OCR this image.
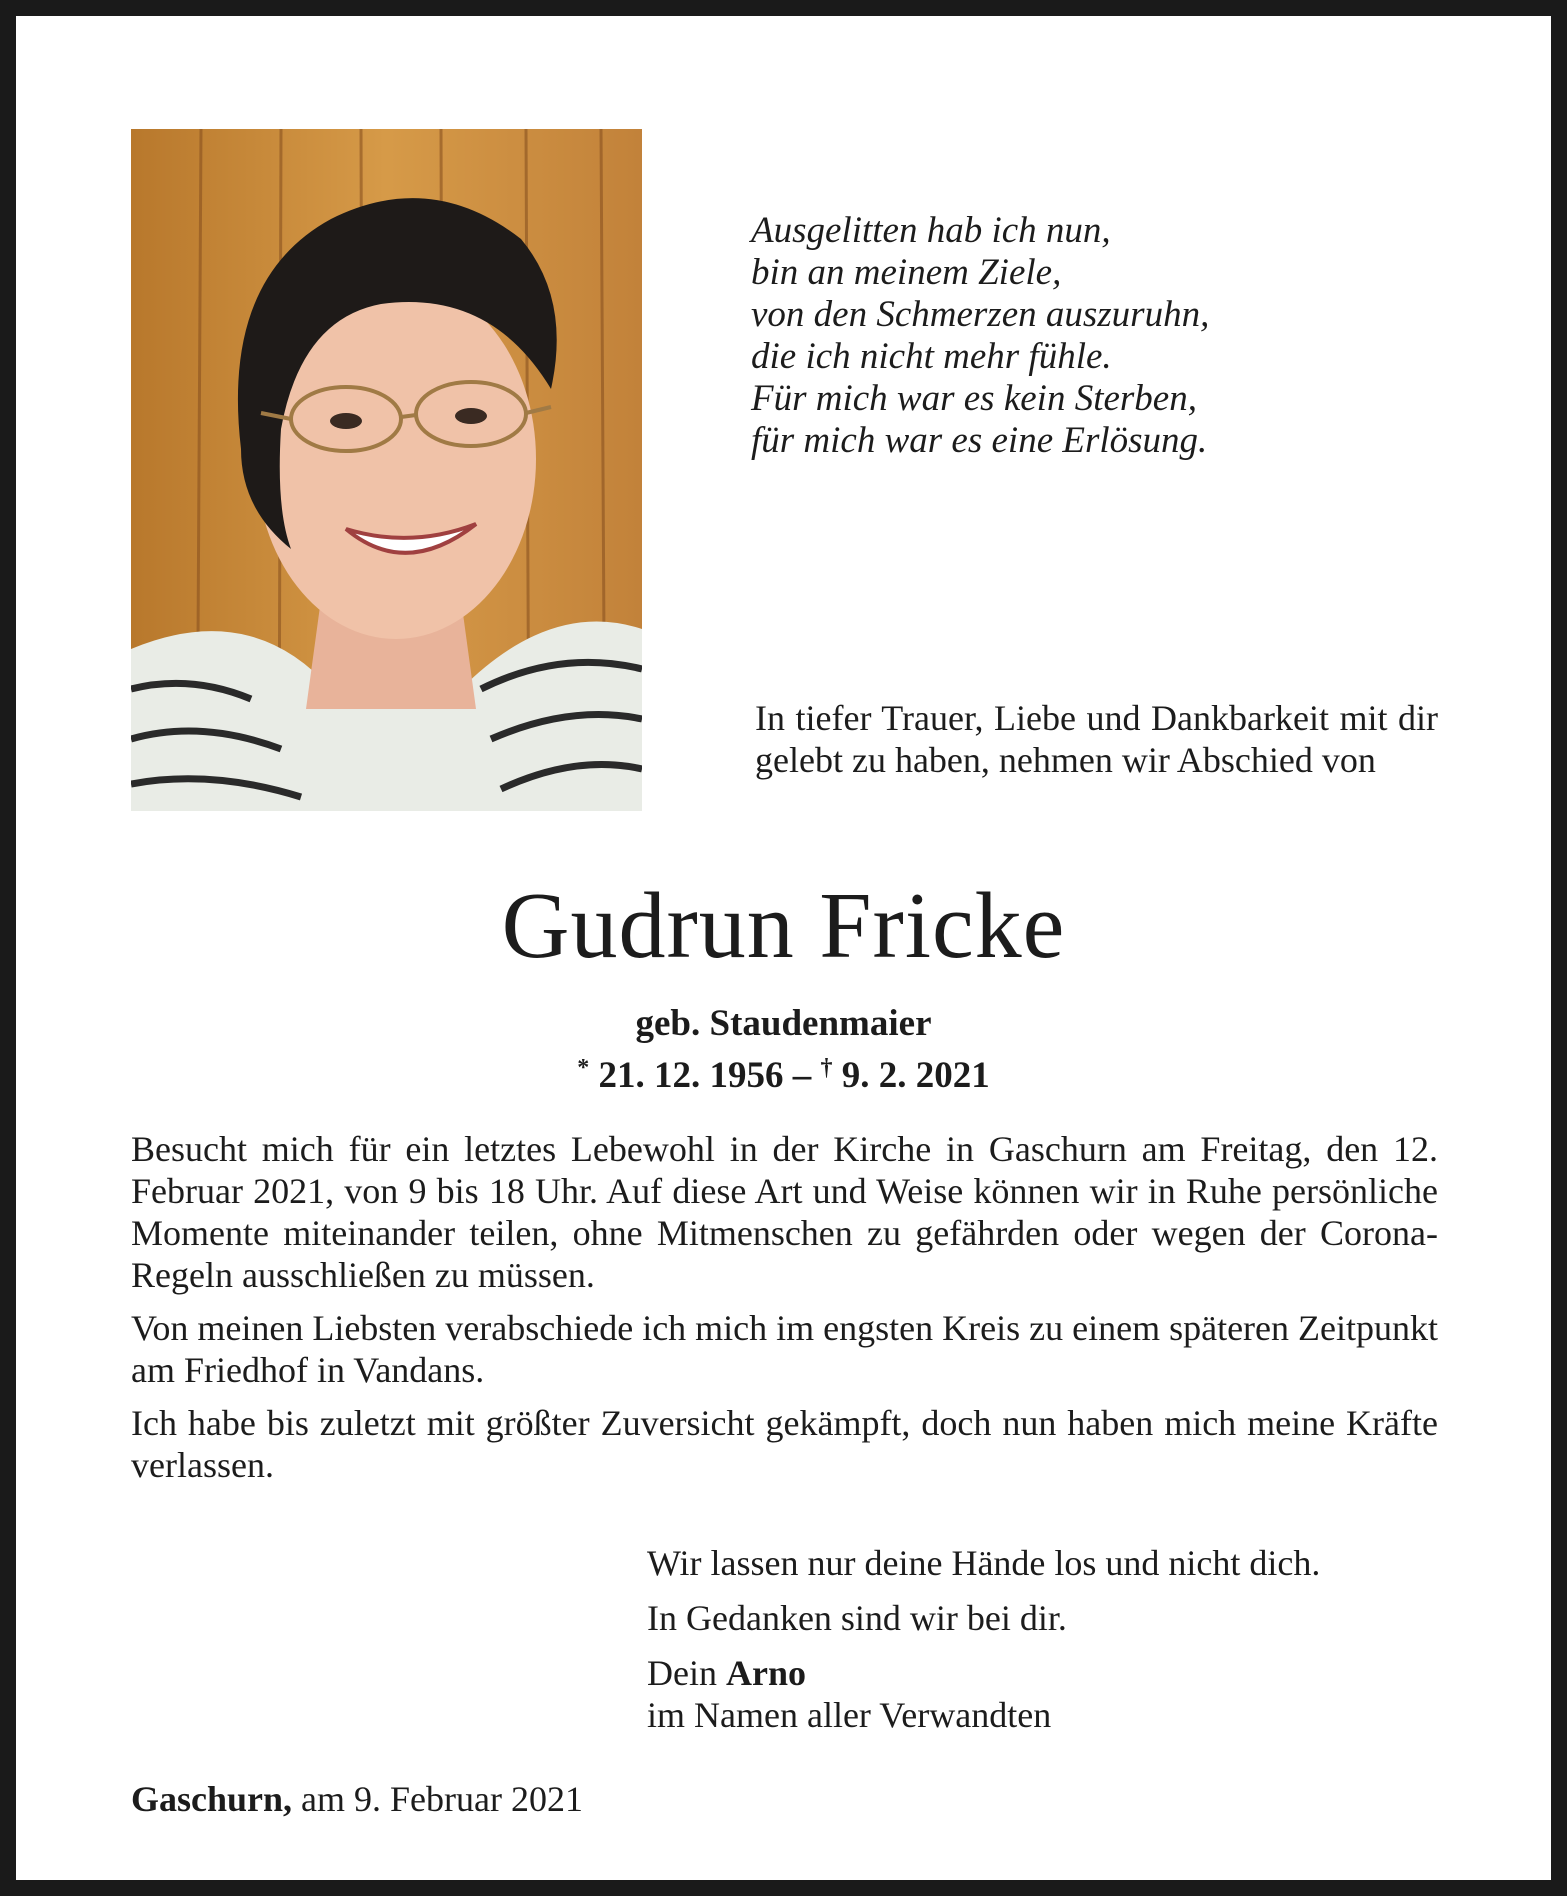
Ausgelitten hab ich nun,
bin an meinem Ziele,
von den Schmerzen auszuruhn,
die ich nicht mehr fühle.
Für mich war es kein Sterben,
für mich war es eine Erlösung.

In tiefer Trauer, Liebe und Dankbarkeit mit dir gelebt zu haben, nehmen wir Abschied von

Gudrun Fricke

geb. Staudenmaier

* 21. 12. 1956 – † 9. 2. 2021

Besucht mich für ein letztes Lebewohl in der Kirche in Gaschurn am Freitag, den 12. Februar 2021, von 9 bis 18 Uhr. Auf diese Art und Weise können wir in Ruhe persönliche Momente miteinander teilen, ohne Mitmenschen zu gefährden oder wegen der Corona-Regeln ausschließen zu müssen.

Von meinen Liebsten verabschiede ich mich im engsten Kreis zu einem späteren Zeitpunkt am Friedhof in Vandans.

Ich habe bis zuletzt mit größter Zuversicht gekämpft, doch nun haben mich meine Kräfte verlassen.

Wir lassen nur deine Hände los und nicht dich.

In Gedanken sind wir bei dir.

Dein Arno
im Namen aller Verwandten

Gaschurn, am 9. Februar 2021
